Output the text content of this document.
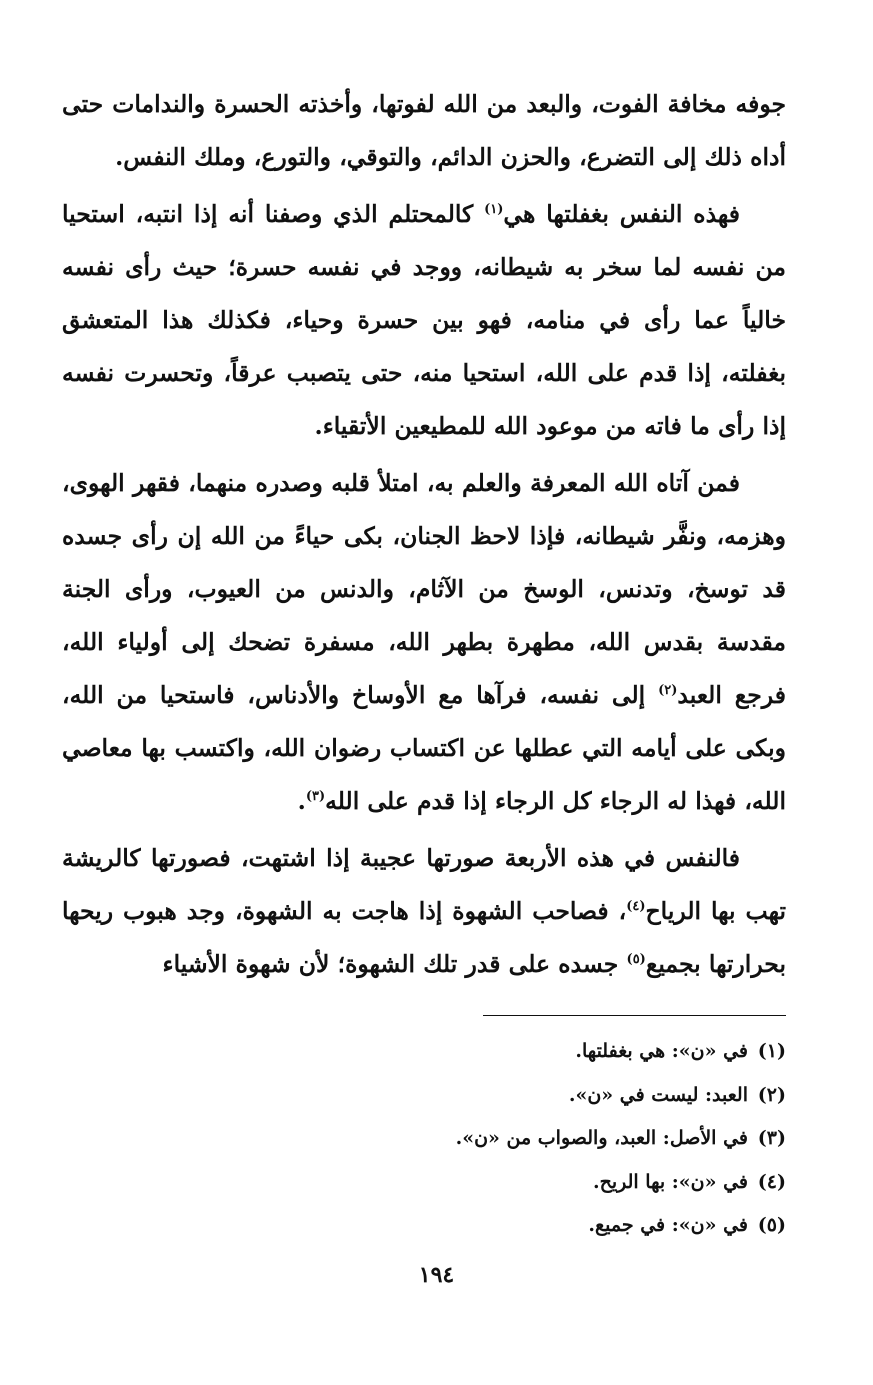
جوفه مخافة الفوت، والبعد من الله لفوتها، وأخذته الحسرة والندامات حتى أداه ذلك إلى التضرع، والحزن الدائم، والتوقي، والتورع، وملك النفس.

فهذه النفس بغفلتها هي$^{(١)}$ كالمحتلم الذي وصفنا أنه إذا انتبه، استحيا من نفسه لما سخر به شيطانه، ووجد في نفسه حسرة؛ حيث رأى نفسه خالياً عما رأى في منامه، فهو بين حسرة وحياء، فكذلك هذا المتعشق بغفلته، إذا قدم على الله، استحيا منه، حتى يتصبب عرقاً، وتحسرت نفسه إذا رأى ما فاته من موعود الله للمطيعين الأتقياء.

فمن آتاه الله المعرفة والعلم به، امتلأ قلبه وصدره منهما، فقهر الهوى، وهزمه، ونفَّر شيطانه، فإذا لاحظ الجنان، بكى حياءً من الله إن رأى جسده قد توسخ، وتدنس، الوسخ من الآثام، والدنس من العيوب، ورأى الجنة مقدسة بقدس الله، مطهرة بطهر الله، مسفرة تضحك إلى أولياء الله، فرجع العبد$^{(٢)}$ إلى نفسه، فرآها مع الأوساخ والأدناس، فاستحيا من الله، وبكى على أيامه التي عطلها عن اكتساب رضوان الله، واكتسب بها معاصي الله، فهذا له الرجاء كل الرجاء إذا قدم على الله$^{(٣)}$.

فالنفس في هذه الأربعة صورتها عجيبة إذا اشتهت، فصورتها كالريشة تهب بها الرياح$^{(٤)}$، فصاحب الشهوة إذا هاجت به الشهوة، وجد هبوب ريحها بحرارتها بجميع$^{(٥)}$ جسده على قدر تلك الشهوة؛ لأن شهوة الأشياء

(١)في «ن»: هي بغفلتها.
(٢)العبد: ليست في «ن».
(٣)في الأصل: العبد، والصواب من «ن».
(٤)في «ن»: بها الريح.
(٥)في «ن»: في جميع.
١٩٤
